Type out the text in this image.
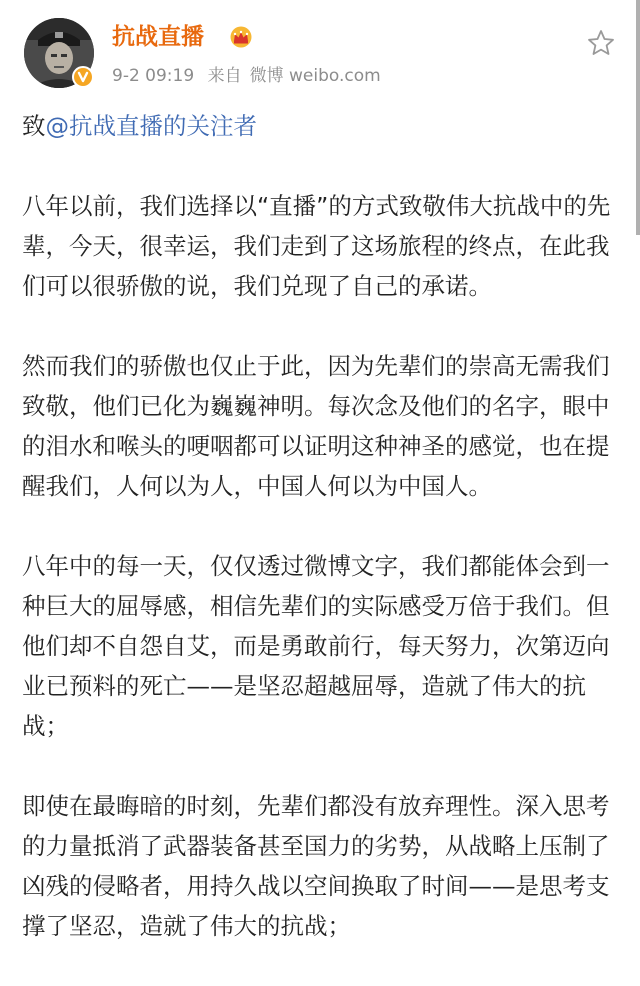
抗战直播
9-2 09:19 来自 微博 weibo.com

致@抗战直播的关注者

八年以前，我们选择以“直播”的方式致敬伟大抗战中的先辈，今天，很幸运，我们走到了这场旅程的终点，在此我们可以很骄傲的说，我们兑现了自己的承诺。

然而我们的骄傲也仅止于此，因为先辈们的崇高无需我们致敬，他们已化为巍巍神明。每次念及他们的名字，眼中的泪水和喉头的哽咽都可以证明这种神圣的感觉，也在提醒我们，人何以为人，中国人何以为中国人。

八年中的每一天，仅仅透过微博文字，我们都能体会到一种巨大的屈辱感，相信先辈们的实际感受万倍于我们。但他们却不自怨自艾，而是勇敢前行，每天努力，次第迈向业已预料的死亡——是坚忍超越屈辱，造就了伟大的抗战；

即使在最晦暗的时刻，先辈们都没有放弃理性。深入思考的力量抵消了武器装备甚至国力的劣势，从战略上压制了凶残的侵略者，用持久战以空间换取了时间——是思考支撑了坚忍，造就了伟大的抗战；
